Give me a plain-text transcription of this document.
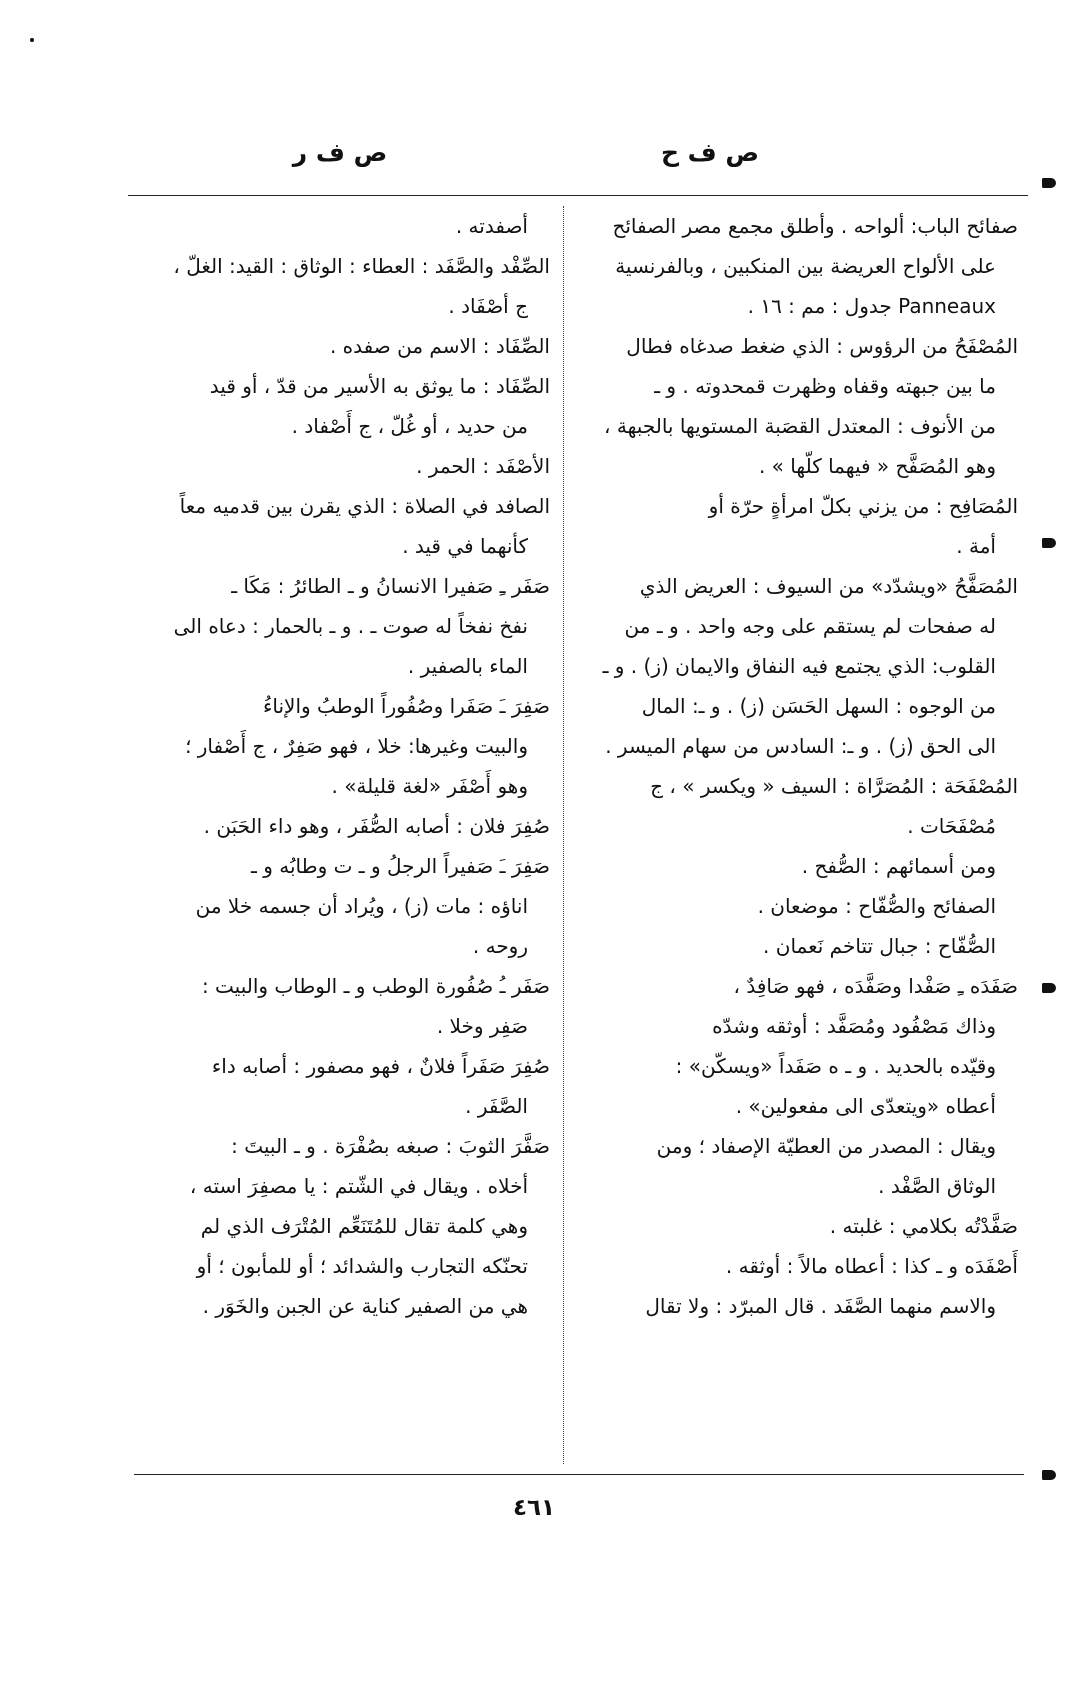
ص ف ح
ص ف ر
صفائح الباب: ألواحه . وأطلق مجمع مصر الصفائح
على الألواح العريضة بين المنكبين ، وبالفرنسية
Panneaux جدول : مم : ١٦ .
المُصْفَحُ من الرؤوس : الذي ضغط صدغاه فطال
ما بين جبهته وقفاه وظهرت قمحدوته . و ـ
من الأنوف : المعتدل القصَبة المستويها بالجبهة ،
وهو المُصَفَّح « فيهما كلّها » .
المُصَافِح : من يزني بكلّ امرأةٍ حرّة أو
أمة .
المُصَفَّحُ «ويشدّد» من السيوف : العريض الذي
له صفحات لم يستقم على وجه واحد . و ـ من
القلوب: الذي يجتمع فيه النفاق والايمان (ز) . و ـ
من الوجوه : السهل الحَسَن (ز) . و ـ: المال
الى الحق (ز) . و ـ: السادس من سهام الميسر .
المُصْفَحَة : المُصَرَّاة : السيف « ويكسر » ، ج
مُصْفَحَات .
ومن أسمائهم : الصُّفح .
الصفائح والصُّفّاح : موضعان .
الصُّفّاح : جبال تتاخم نَعمان .
صَفَدَه ـِ صَفْدا وصَفَّدَه ، فهو صَافِدٌ ،
وذاك مَصْفُود ومُصَفَّد : أوثقه وشدّه
وقيّده بالحديد . و ـ ه صَفَداً «ويسكّن» :
أعطاه «ويتعدّى الى مفعولين» .
ويقال : المصدر من العطيّة الإصفاد ؛ ومن
الوثاق الصَّفْد .
صَفَّدْتُه بكلامي : غلبته .
أَصْفَدَه و ـ كذا : أعطاه مالاً : أوثقه .
والاسم منهما الصَّفَد . قال المبرّد : ولا تقال
أصفدته .
الصِّفْد والصَّفَد : العطاء : الوثاق : القيد: الغلّ ،
ج أصْفَاد .
الصِّفَاد : الاسم من صفده .
الصِّفَاد : ما يوثق به الأسير من قدّ ، أو قيد
من حديد ، أو غُلّ ، ج أَصْفاد .
الأصْفَد : الحمر .
الصافد في الصلاة : الذي يقرن بين قدميه معاً
كأنهما في قيد .
صَفَر ـِ صَفيرا الانسانُ و ـ الطائرُ : مَكَا ـ
نفخ نفخاً له صوت ـ . و ـ بالحمار : دعاه الى
الماء بالصفير .
صَفِرَ ـَ صَفَرا وصُفُوراً الوطبُ والإناءُ
والبيت وغيرها: خلا ، فهو صَفِرٌ ، ج أَصْفار ؛
وهو أَصْفَر «لغة قليلة» .
صُفِرَ فلان : أصابه الصُّفَر ، وهو داء الحَبَن .
صَفِرَ ـَ صَفيراً الرجلُ و ـ ت وطابُه و ـ
اناؤه : مات (ز) ، ويُراد أن جسمه خلا من
روحه .
صَفَر ـُ صُفُورة الوطب و ـ الوطاب والبيت :
صَفِر وخلا .
صُفِرَ صَفَراً فلانٌ ، فهو مصفور : أصابه داء
الصَّفَر .
صَفَّرَ الثوبَ : صبغه بصُفْرَة . و ـ البيتَ :
أخلاه . ويقال في الشّتم : يا مصفِرَ استه ،
وهي كلمة تقال للمُتَنَعِّم المُتْرَف الذي لم
تحنّكه التجارب والشدائد ؛ أو للمأبون ؛ أو
هي من الصفير كناية عن الجبن والخَوَر .
٤٦١
